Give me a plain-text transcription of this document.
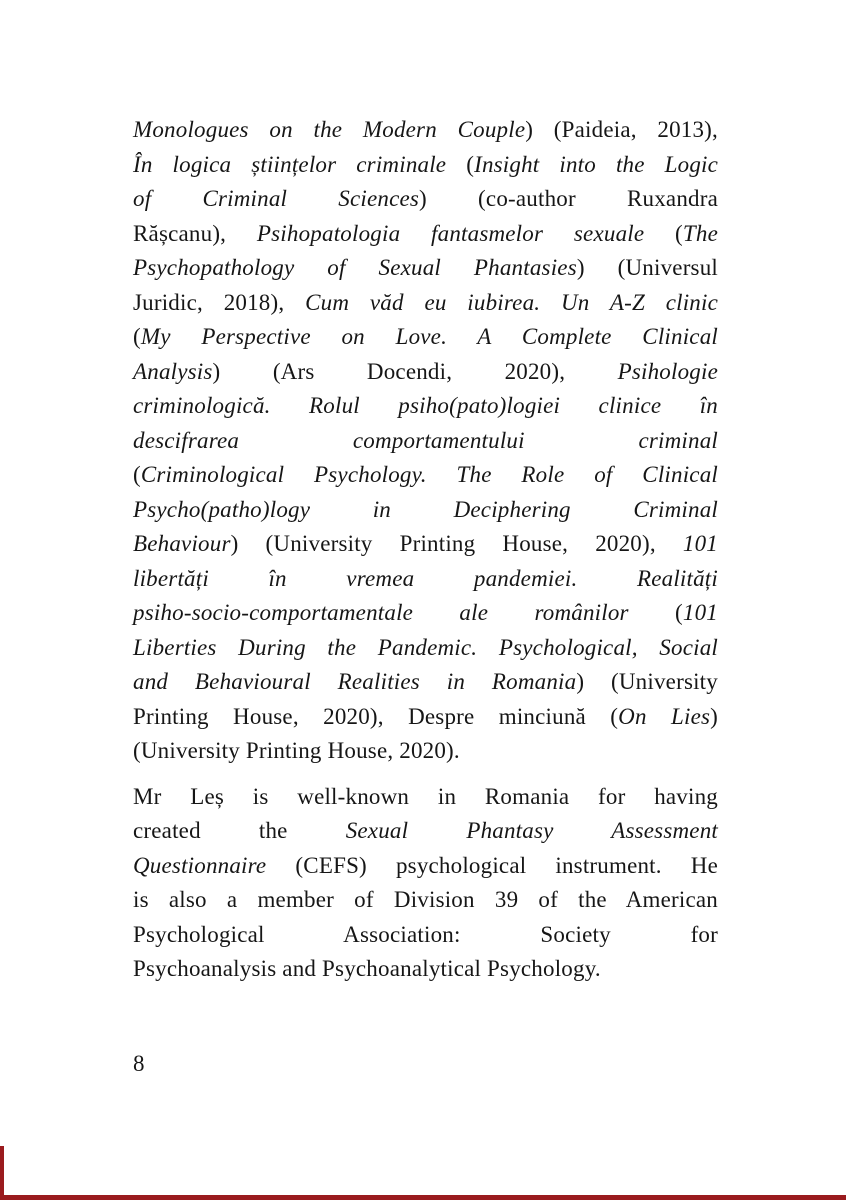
Monologues on the Modern Couple) (Paideia, 2013),
În logica științelor criminale (Insight into the Logic
of Criminal Sciences) (co-author Ruxandra
Rășcanu), Psihopatologia fantasmelor sexuale (The
Psychopathology of Sexual Phantasies) (Universul
Juridic, 2018), Cum văd eu iubirea. Un A-Z clinic
(My Perspective on Love. A Complete Clinical
Analysis) (Ars Docendi, 2020), Psihologie
criminologică. Rolul psiho(pato)logiei clinice în
descifrarea comportamentului criminal
(Criminological Psychology. The Role of Clinical
Psycho(patho)logy in Deciphering Criminal
Behaviour) (University Printing House, 2020), 101
libertăți în vremea pandemiei. Realități
psiho-socio-comportamentale ale românilor (101
Liberties During the Pandemic. Psychological, Social
and Behavioural Realities in Romania) (University
Printing House, 2020), Despre minciună (On Lies)
(University Printing House, 2020).
Mr Leș is well-known in Romania for having
created the Sexual Phantasy Assessment
Questionnaire (CEFS) psychological instrument. He
is also a member of Division 39 of the American
Psychological Association: Society for
Psychoanalysis and Psychoanalytical Psychology.
8
